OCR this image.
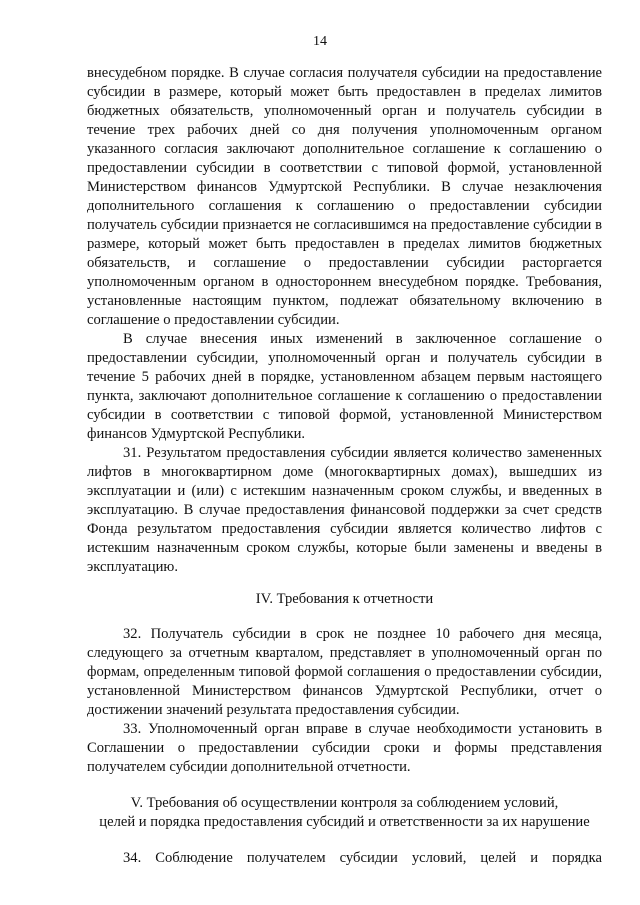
14

внесудебном порядке. В случае согласия получателя субсидии на предоставление субсидии в размере, который может быть предоставлен в пределах лимитов бюджетных обязательств, уполномоченный орган и получатель субсидии в течение трех рабочих дней со дня получения уполномоченным органом указанного согласия заключают дополнительное соглашение к соглашению о предоставлении субсидии в соответствии с типовой формой, установленной Министерством финансов Удмуртской Республики. В случае незаключения дополнительного соглашения к соглашению о предоставлении субсидии получатель субсидии признается не согласившимся на предоставление субсидии в размере, который может быть предоставлен в пределах лимитов бюджетных обязательств, и соглашение о предоставлении субсидии расторгается уполномоченным органом в одностороннем внесудебном порядке. Требования, установленные настоящим пунктом, подлежат обязательному включению в соглашение о предоставлении субсидии.

В случае внесения иных изменений в заключенное соглашение о предоставлении субсидии, уполномоченный орган и получатель субсидии в течение 5 рабочих дней в порядке, установленном абзацем первым настоящего пункта, заключают дополнительное соглашение к соглашению о предоставлении субсидии в соответствии с типовой формой, установленной Министерством финансов Удмуртской Республики.

31. Результатом предоставления субсидии является количество замененных лифтов в многоквартирном доме (многоквартирных домах), вышедших из эксплуатации и (или) с истекшим назначенным сроком службы, и введенных в эксплуатацию. В случае предоставления финансовой поддержки за счет средств Фонда результатом предоставления субсидии является количество лифтов с истекшим назначенным сроком службы, которые были заменены и введены в эксплуатацию.

IV. Требования к отчетности

32. Получатель субсидии в срок не позднее 10 рабочего дня месяца, следующего за отчетным кварталом, представляет в уполномоченный орган по формам, определенным типовой формой соглашения о предоставлении субсидии, установленной Министерством финансов Удмуртской Республики, отчет о достижении значений результата предоставления субсидии.

33. Уполномоченный орган вправе в случае необходимости установить в Соглашении о предоставлении субсидии сроки и формы представления получателем субсидии дополнительной отчетности.

V. Требования об осуществлении контроля за соблюдением условий,
целей и порядка предоставления субсидий и ответственности за их нарушение

34. Соблюдение получателем субсидии условий, целей и порядка
